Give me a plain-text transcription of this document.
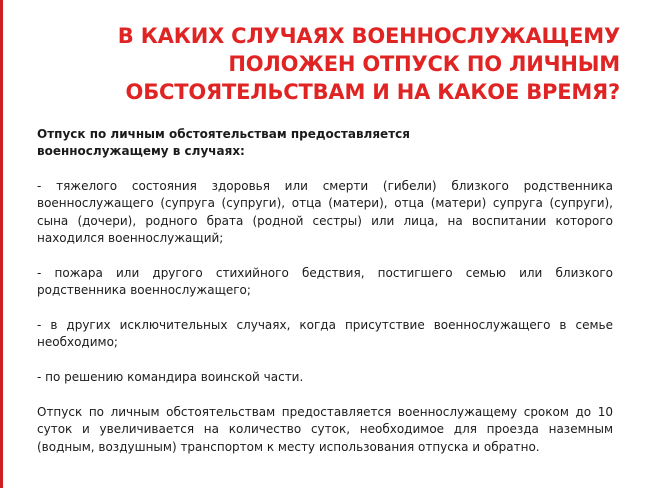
В КАКИХ СЛУЧАЯХ ВОЕННОСЛУЖАЩЕМУ
ПОЛОЖЕН ОТПУСК ПО ЛИЧНЫМ
ОБСТОЯТЕЛЬСТВАМ И НА КАКОЕ ВРЕМЯ?

Отпуск по личным обстоятельствам предоставляется
военнослужащему в случаях:

- тяжелого состояния здоровья или смерти (гибели) близкого родственника военнослужащего (супруга (супруги), отца (матери), отца (матери) супруга (супруги), сына (дочери), родного брата (родной сестры) или лица, на воспитании которого находился военнослужащий;

- пожара или другого стихийного бедствия, постигшего семью или близкого родственника военнослужащего;

- в других исключительных случаях, когда присутствие военнослужащего в семье необходимо;

- по решению командира воинской части.

Отпуск по личным обстоятельствам предоставляется военнослужащему сроком до 10 суток и увеличивается на количество суток, необходимое для проезда наземным (водным, воздушным) транспортом к месту использования отпуска и обратно.
